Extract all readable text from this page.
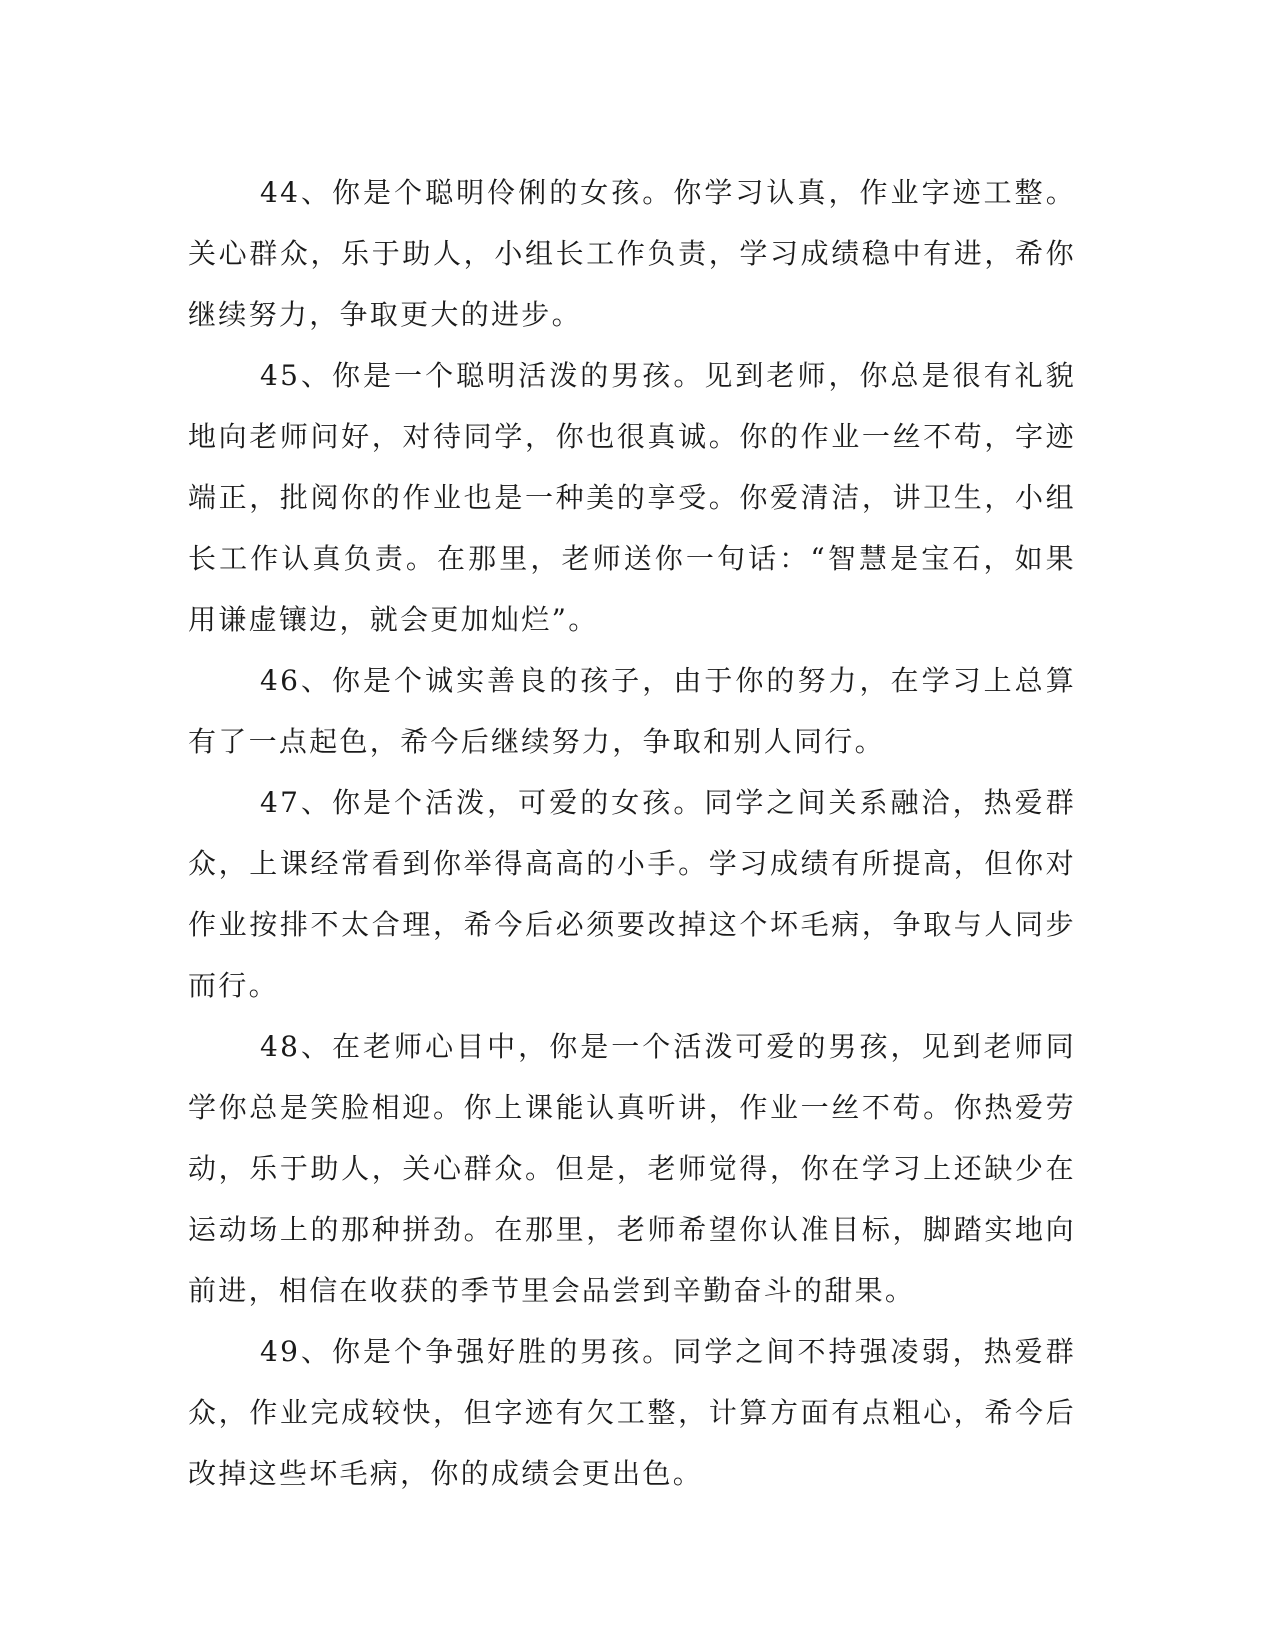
44、你是个聪明伶俐的女孩。你学习认真，作业字迹工整。关心群众，乐于助人，小组长工作负责，学习成绩稳中有进，希你继续努力，争取更大的进步。

45、你是一个聪明活泼的男孩。见到老师，你总是很有礼貌地向老师问好，对待同学，你也很真诚。你的作业一丝不苟，字迹端正，批阅你的作业也是一种美的享受。你爱清洁，讲卫生，小组长工作认真负责。在那里，老师送你一句话：“智慧是宝石，如果用谦虚镶边，就会更加灿烂”。

46、你是个诚实善良的孩子，由于你的努力，在学习上总算有了一点起色，希今后继续努力，争取和别人同行。

47、你是个活泼，可爱的女孩。同学之间关系融洽，热爱群众，上课经常看到你举得高高的小手。学习成绩有所提高，但你对作业按排不太合理，希今后必须要改掉这个坏毛病，争取与人同步而行。

48、在老师心目中，你是一个活泼可爱的男孩，见到老师同学你总是笑脸相迎。你上课能认真听讲，作业一丝不苟。你热爱劳动，乐于助人，关心群众。但是，老师觉得，你在学习上还缺少在运动场上的那种拼劲。在那里，老师希望你认准目标，脚踏实地向前进，相信在收获的季节里会品尝到辛勤奋斗的甜果。

49、你是个争强好胜的男孩。同学之间不持强凌弱，热爱群众，作业完成较快，但字迹有欠工整，计算方面有点粗心，希今后改掉这些坏毛病，你的成绩会更出色。
